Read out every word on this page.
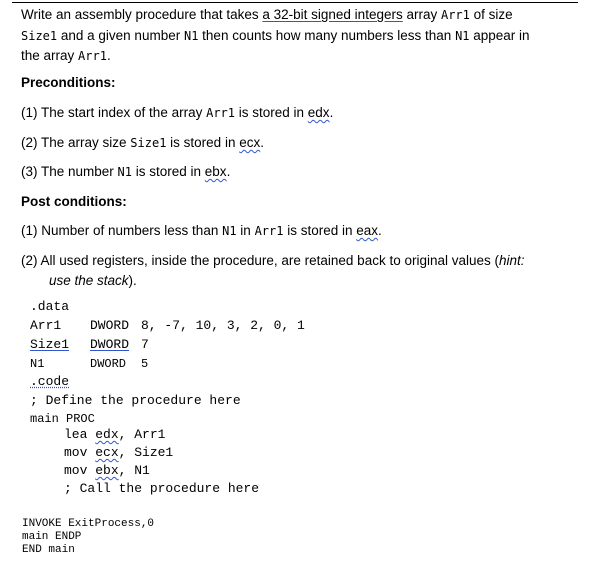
Write an assembly procedure that takes a 32-bit signed integers array Arr1 of size
Size1 and a given number N1 then counts how many numbers less than N1 appear in
the array Arr1.
Preconditions:
(1) The start index of the array Arr1 is stored in edx.
(2) The array size Size1 is stored in ecx.
(3) The number N1 is stored in ebx.
Post conditions:
(1) Number of numbers less than N1 in Arr1 is stored in eax.
(2) All used registers, inside the procedure, are retained back to original values (hint:
use the stack).
.data
Arr1 DWORD 8, -7, 10, 3, 2, 0, 1
Size1 DWORD 7
N1	DWORD 5
.code
; Define the procedure here
main PROC
lea edx, Arr1
mov ecx, Size1
mov ebx, N1
; Call the procedure here
INVOKE ExitProcess,0
main ENDP
END main
